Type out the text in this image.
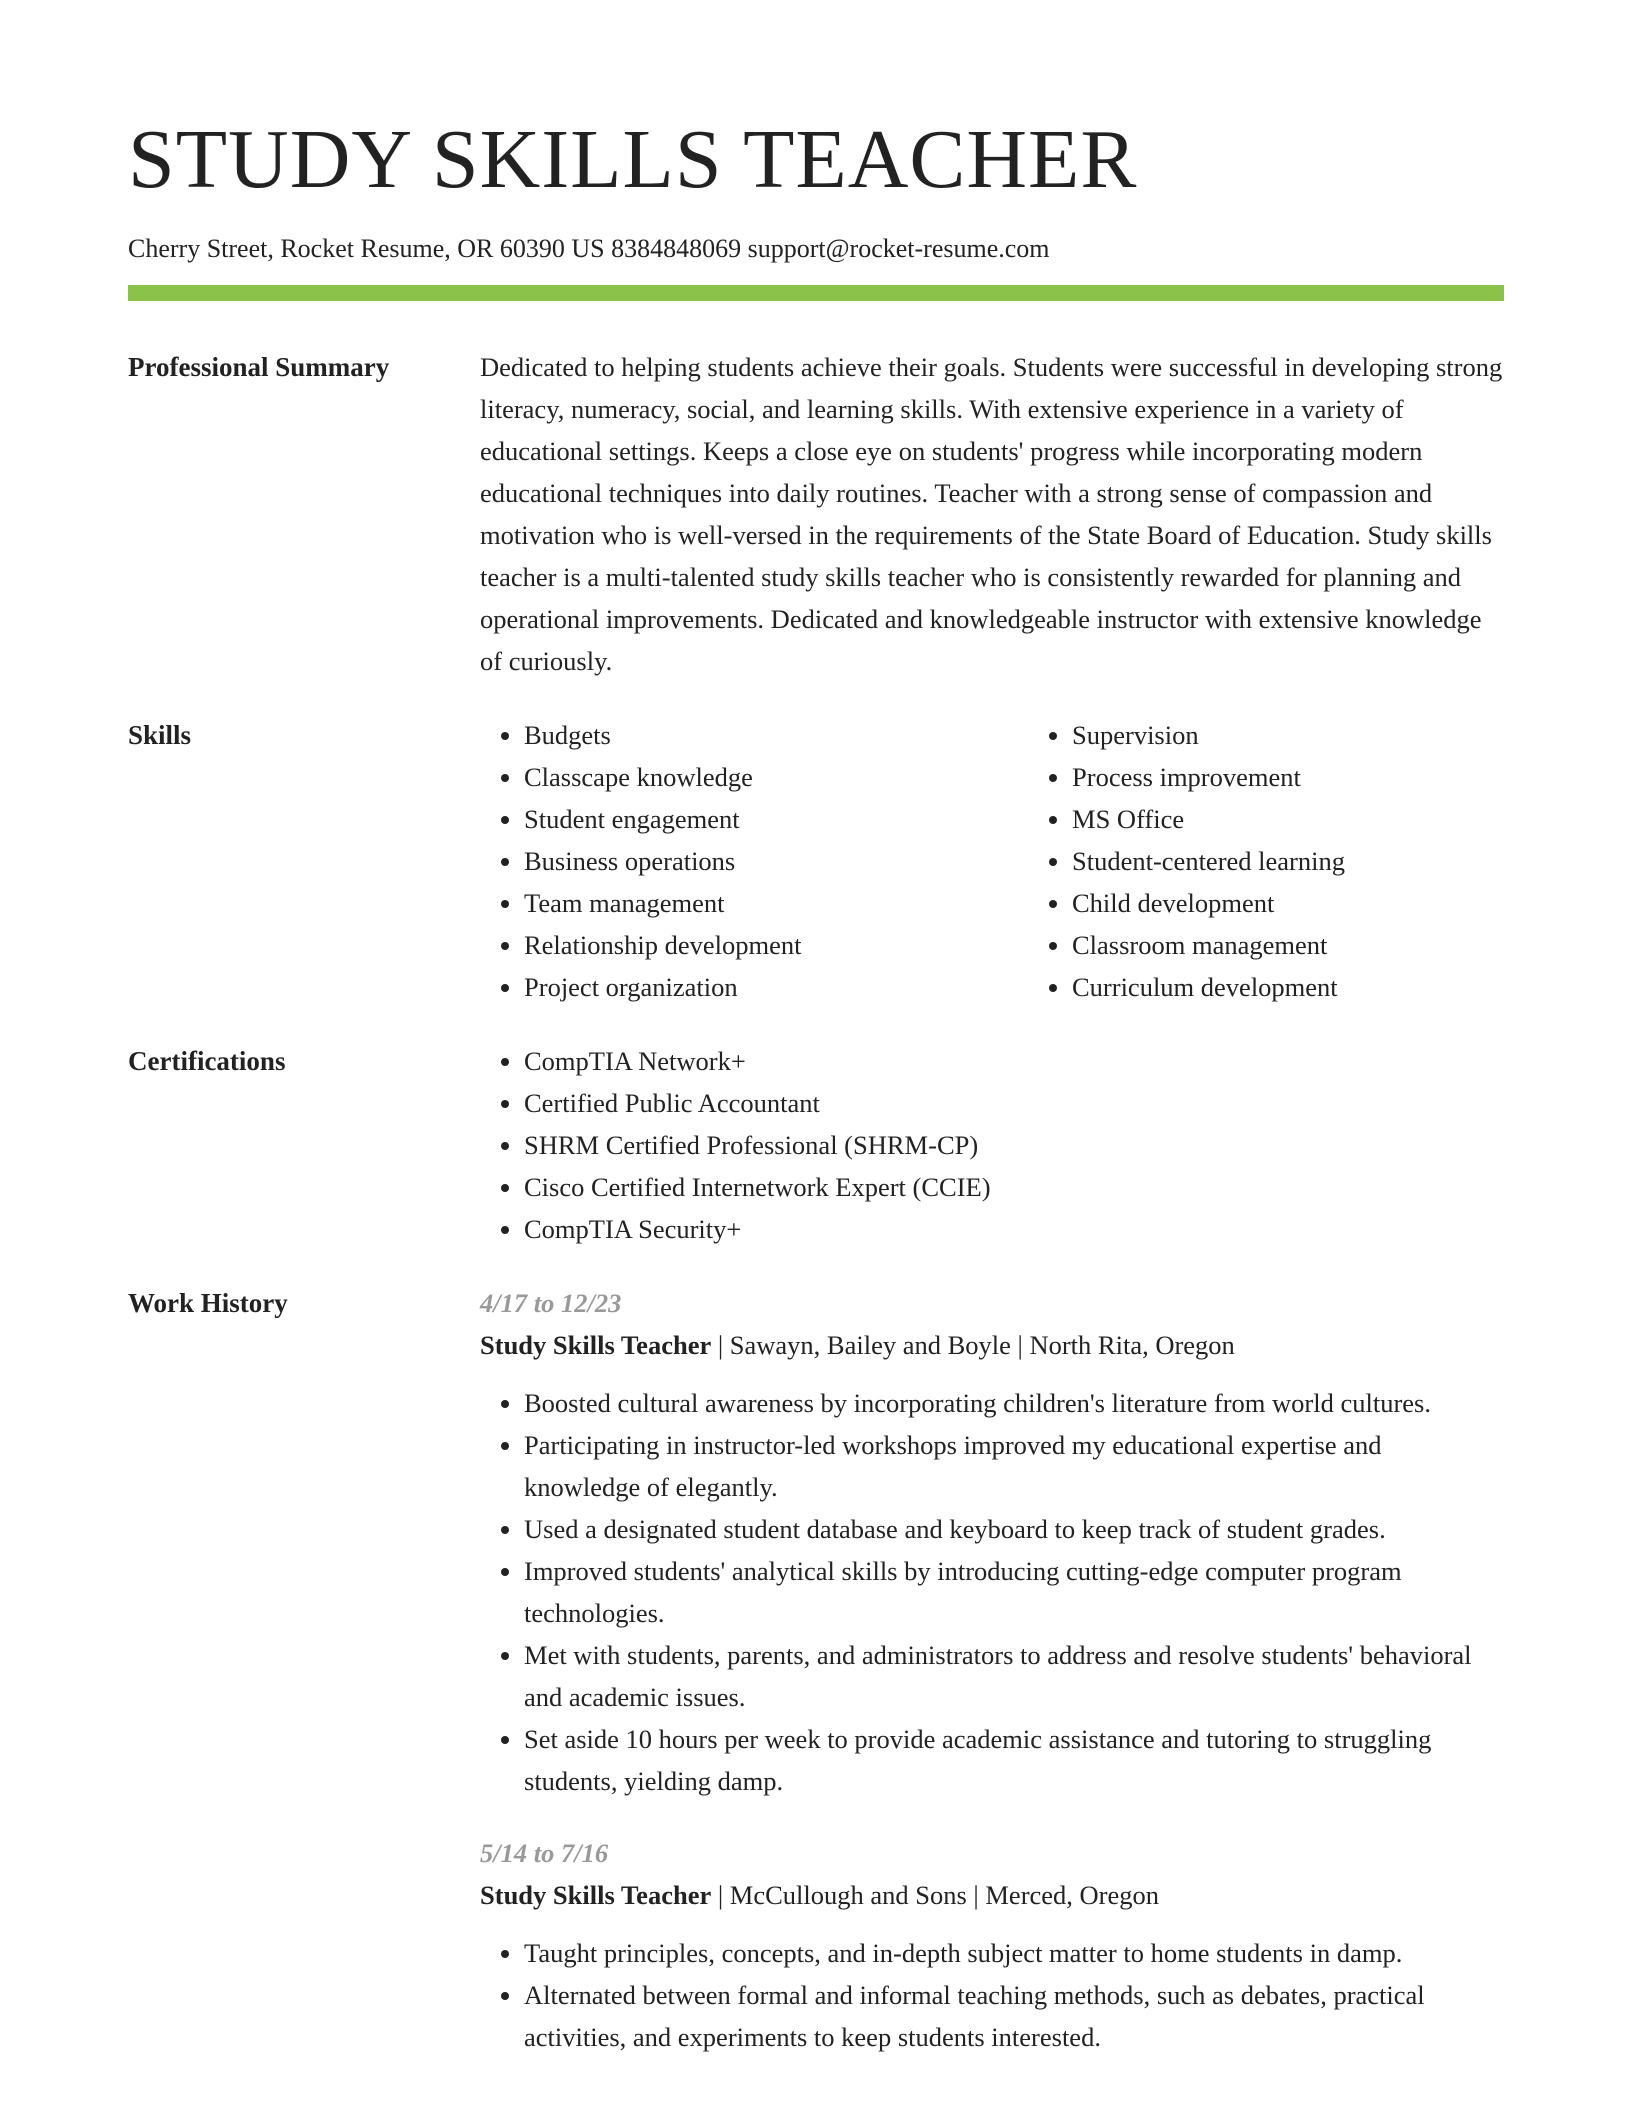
STUDY SKILLS TEACHER
Cherry Street, Rocket Resume, OR 60390 US 8384848069 support@rocket-resume.com
Professional Summary	Dedicated to helping students achieve their goals. Students were successful in developing strong literacy, numeracy, social, and learning skills. With extensive experience in a variety of educational settings. Keeps a close eye on students' progress while incorporating modern educational techniques into daily routines. Teacher with a strong sense of compassion and motivation who is well-versed in the requirements of the State Board of Education. Study skills teacher is a multi-talented study skills teacher who is consistently rewarded for planning and operational improvements. Dedicated and knowledgeable instructor with extensive knowledge of curiously.

Skills	• Budgets
• Classcape knowledge
• Student engagement
• Business operations
• Team management
• Relationship development
• Project organization
• Supervision
• Process improvement
• MS Office
• Student-centered learning
• Child development
• Classroom management
• Curriculum development
Certifications	• CompTIA Network+
• Certified Public Accountant
• SHRM Certified Professional (SHRM-CP)
• Cisco Certified Internetwork Expert (CCIE)
• CompTIA Security+
Work History	4/17 to 12/23
Study Skills Teacher | Sawayn, Bailey and Boyle | North Rita, Oregon
• Boosted cultural awareness by incorporating children's literature from world cultures.
• Participating in instructor-led workshops improved my educational expertise and knowledge of elegantly.
• Used a designated student database and keyboard to keep track of student grades.
• Improved students' analytical skills by introducing cutting-edge computer program technologies.
• Met with students, parents, and administrators to address and resolve students' behavioral and academic issues.
• Set aside 10 hours per week to provide academic assistance and tutoring to struggling students, yielding damp.
5/14 to 7/16
Study Skills Teacher | McCullough and Sons | Merced, Oregon
• Taught principles, concepts, and in-depth subject matter to home students in damp.
• Alternated between formal and informal teaching methods, such as debates, practical activities, and experiments to keep students interested.
